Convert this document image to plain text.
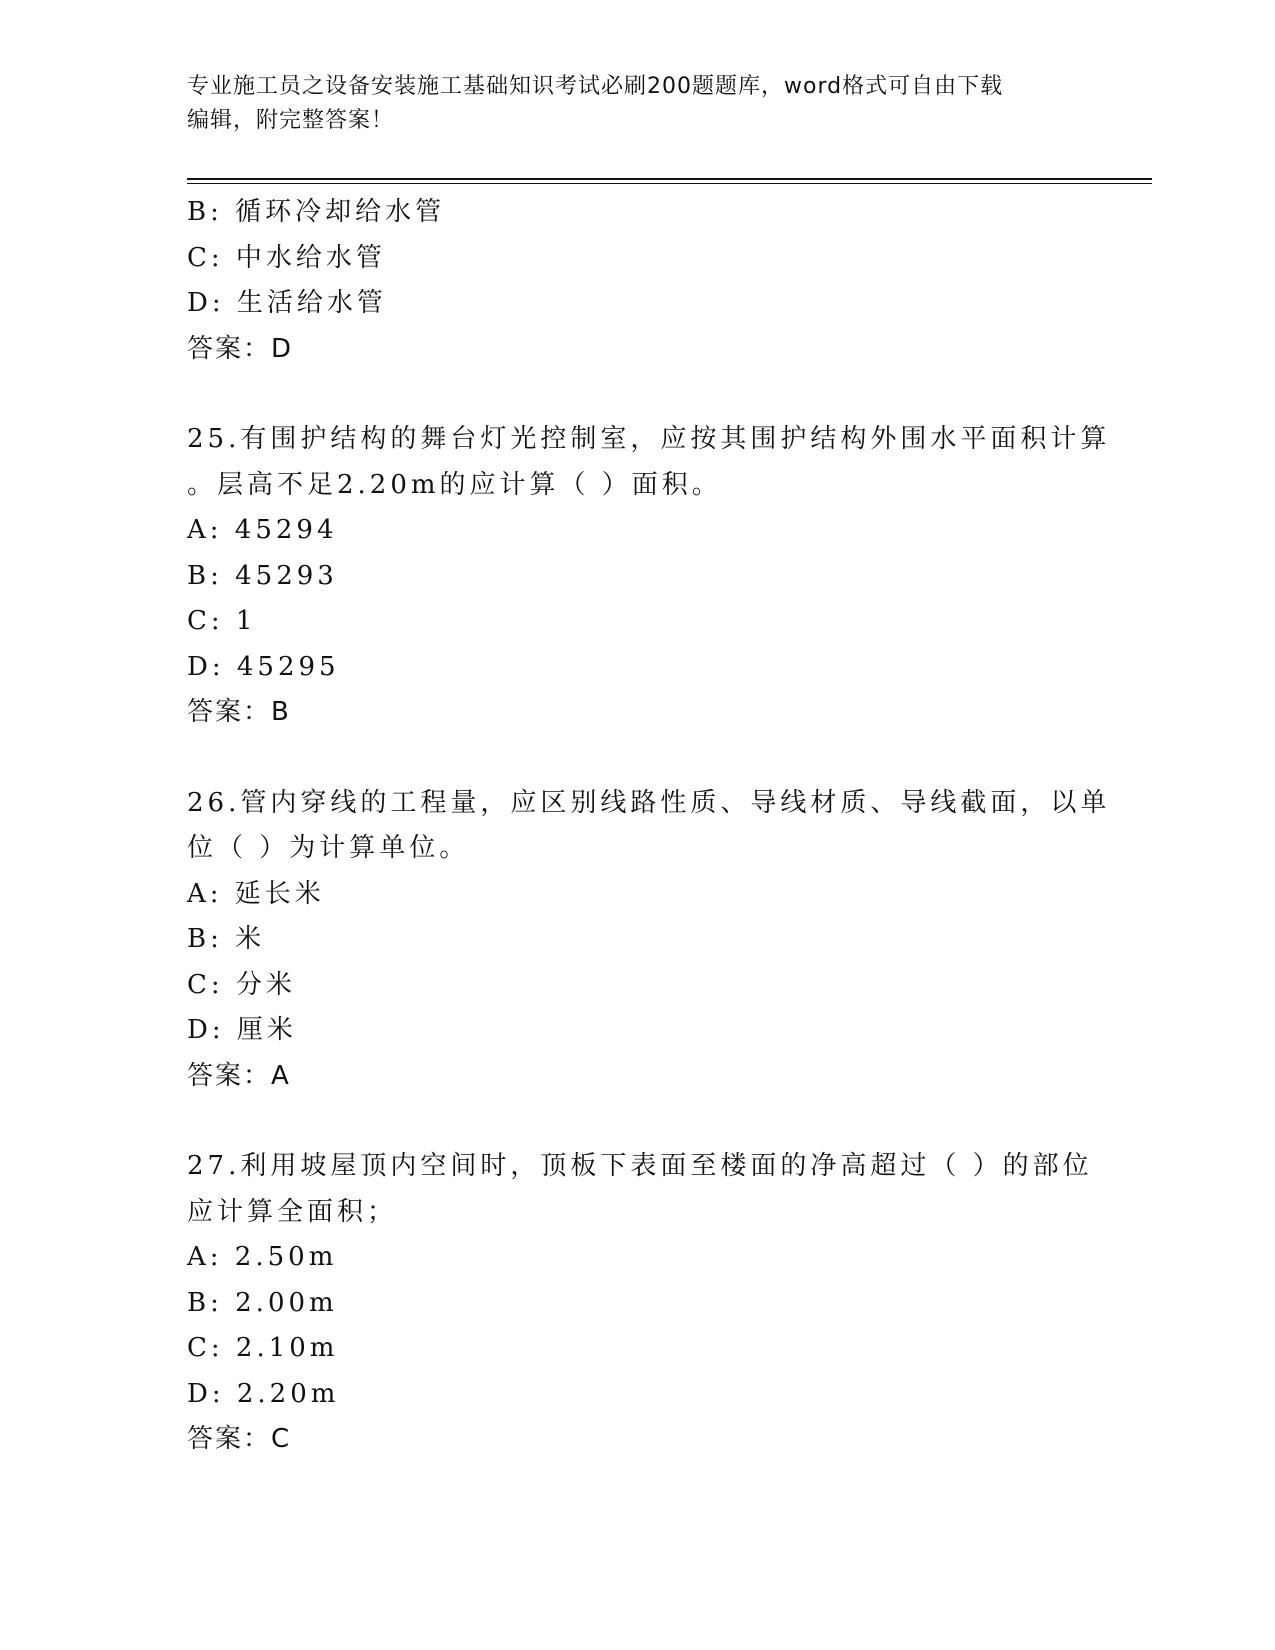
专业施工员之设备安装施工基础知识考试必刷200题题库，word格式可自由下载
编辑，附完整答案！
B: 循环冷却给水管
C: 中水给水管
D: 生活给水管
答案：D
25.有围护结构的舞台灯光控制室，应按其围护结构外围水平面积计算
。层高不足2.20m的应计算（ ）面积。
A: 45294
B: 45293
C: 1
D: 45295
答案：B
26.管内穿线的工程量，应区别线路性质、导线材质、导线截面，以单
位（ ）为计算单位。
A: 延长米
B: 米
C: 分米
D: 厘米
答案：A
27.利用坡屋顶内空间时，顶板下表面至楼面的净高超过（ ）的部位
应计算全面积；
A: 2.50m
B: 2.00m
C: 2.10m
D: 2.20m
答案：C
